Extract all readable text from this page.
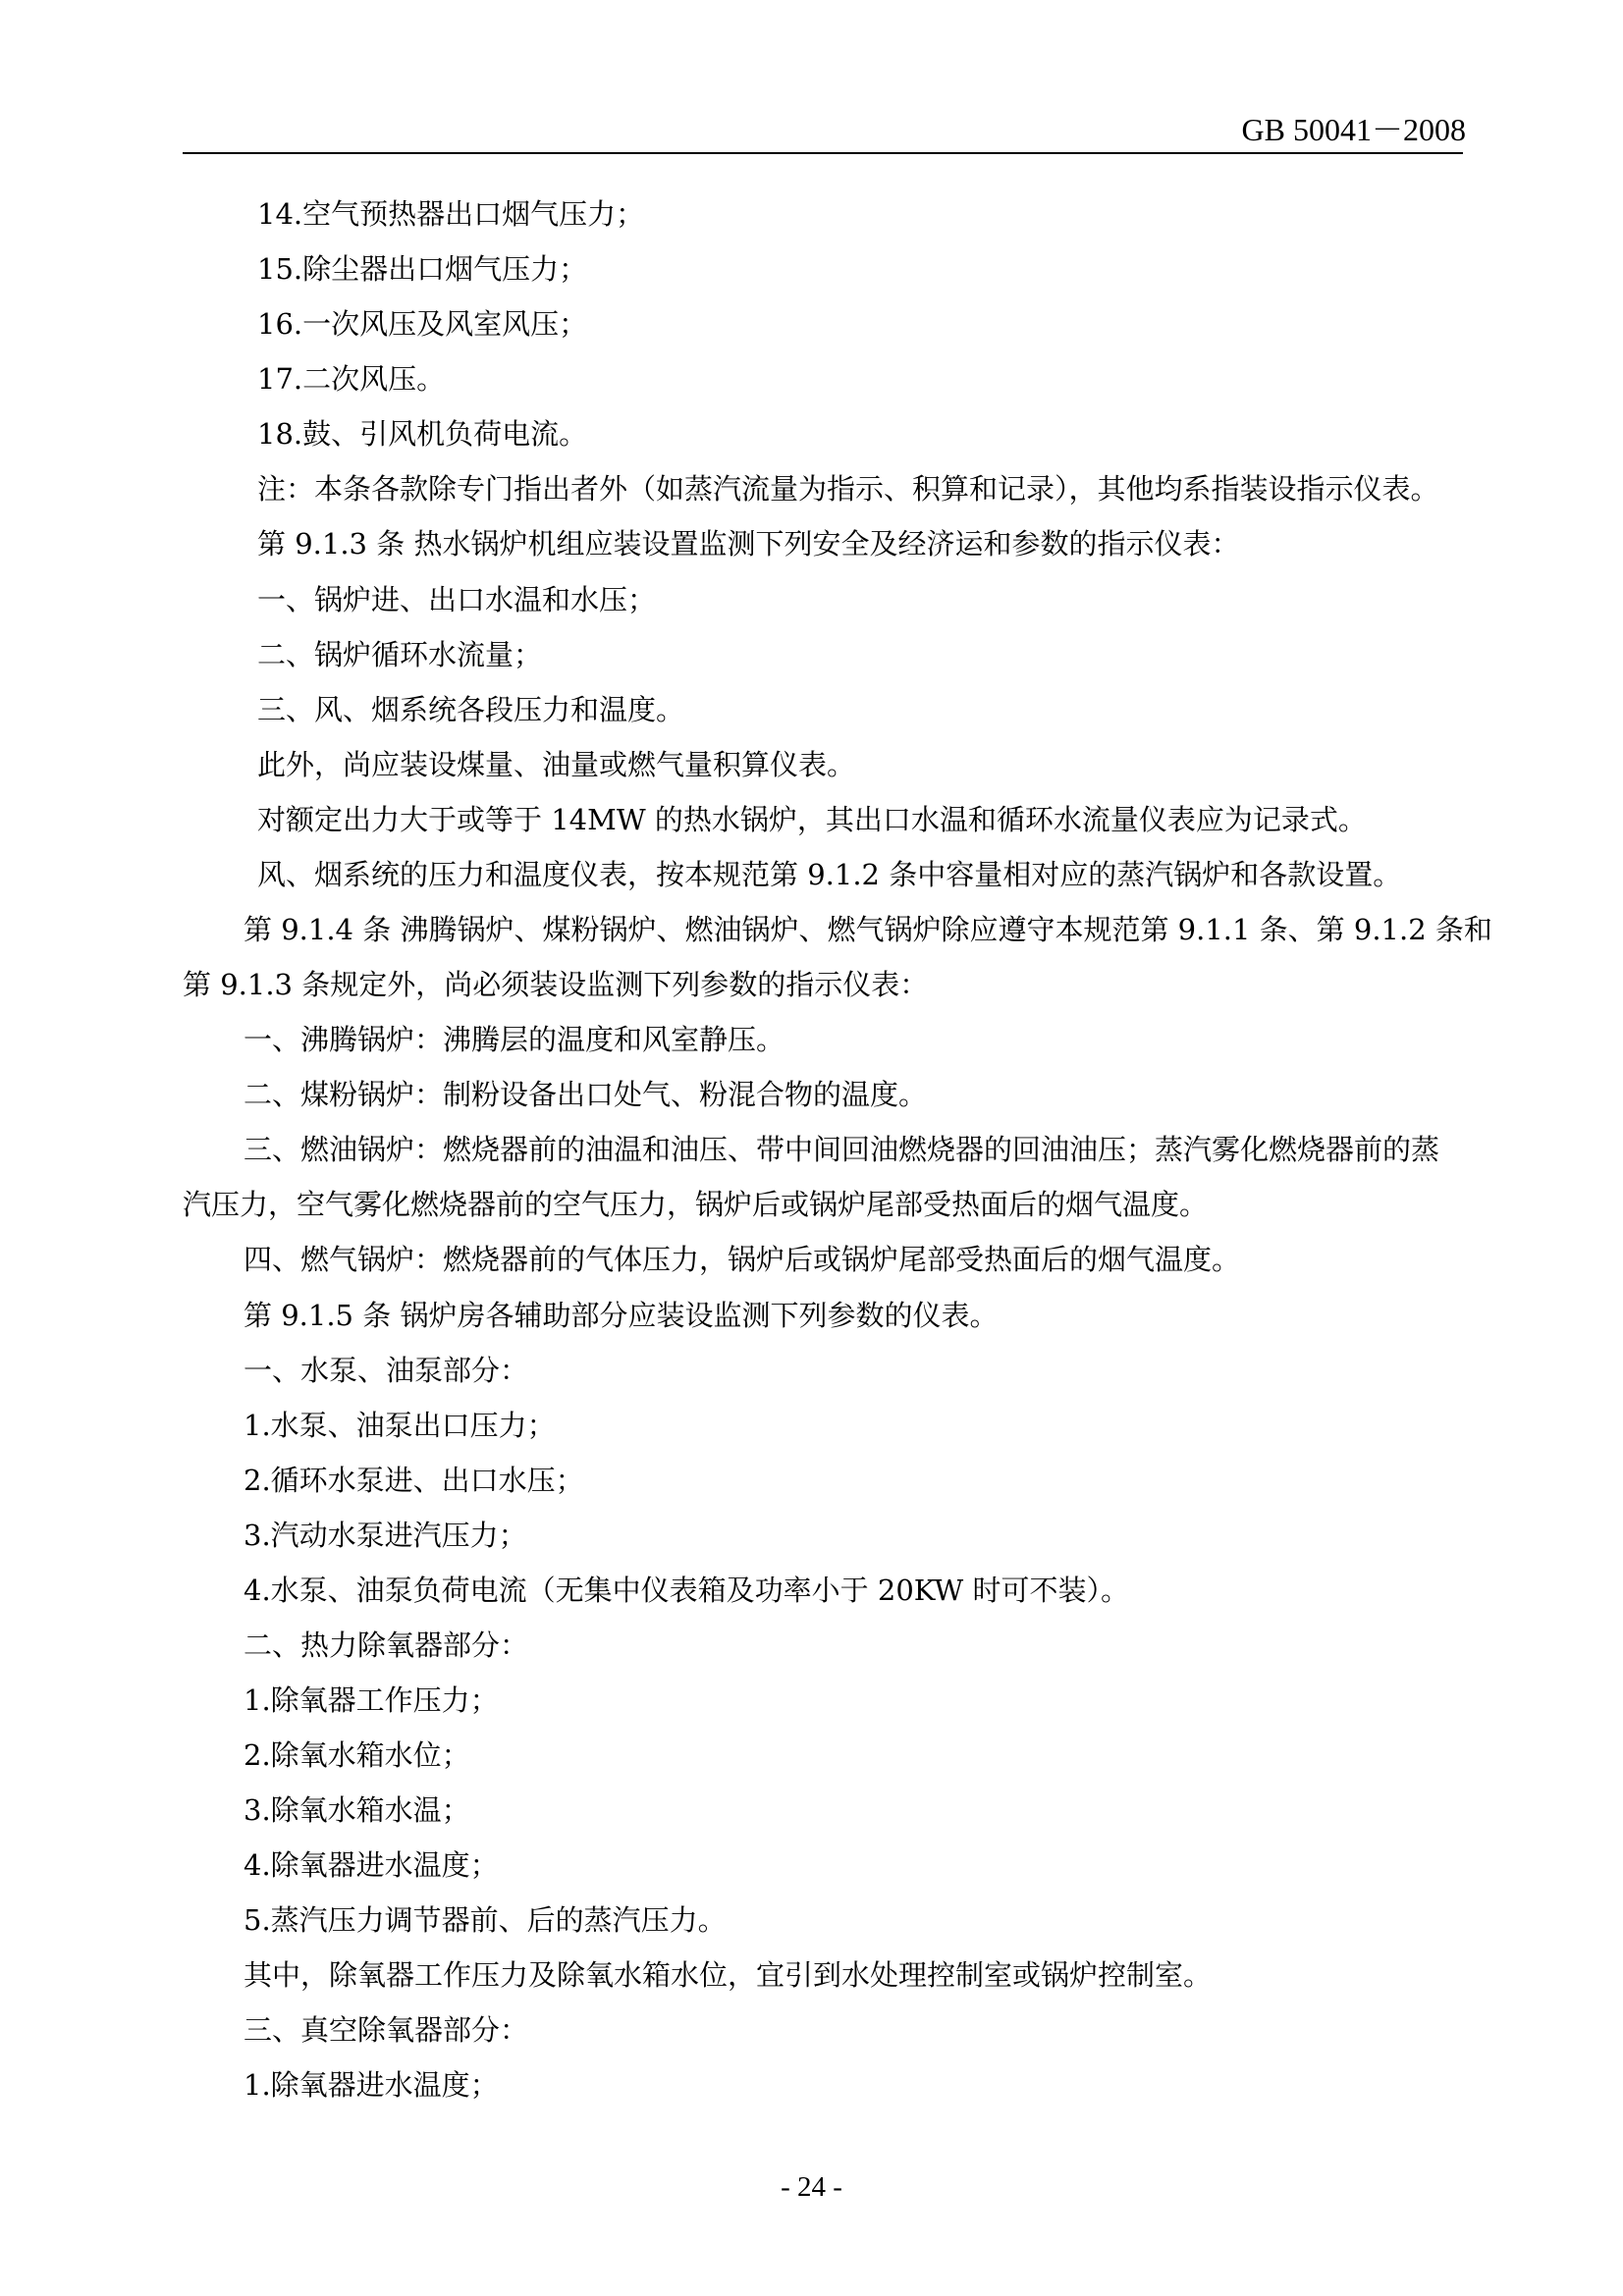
GB 50041－2008
14.空气预热器出口烟气压力；
15.除尘器出口烟气压力；
16.一次风压及风室风压；
17.二次风压。
18.鼓、引风机负荷电流。
注：本条各款除专门指出者外（如蒸汽流量为指示、积算和记录），其他均系指装设指示仪表。
第 9.1.3 条 热水锅炉机组应装设置监测下列安全及经济运和参数的指示仪表：
一、锅炉进、出口水温和水压；
二、锅炉循环水流量；
三、风、烟系统各段压力和温度。
此外，尚应装设煤量、油量或燃气量积算仪表。
对额定出力大于或等于 14MW 的热水锅炉，其出口水温和循环水流量仪表应为记录式。
风、烟系统的压力和温度仪表，按本规范第 9.1.2 条中容量相对应的蒸汽锅炉和各款设置。
第 9.1.4 条 沸腾锅炉、煤粉锅炉、燃油锅炉、燃气锅炉除应遵守本规范第 9.1.1 条、第 9.1.2 条和
第 9.1.3 条规定外，尚必须装设监测下列参数的指示仪表：
一、沸腾锅炉：沸腾层的温度和风室静压。
二、煤粉锅炉：制粉设备出口处气、粉混合物的温度。
三、燃油锅炉：燃烧器前的油温和油压、带中间回油燃烧器的回油油压；蒸汽雾化燃烧器前的蒸
汽压力，空气雾化燃烧器前的空气压力，锅炉后或锅炉尾部受热面后的烟气温度。
四、燃气锅炉：燃烧器前的气体压力，锅炉后或锅炉尾部受热面后的烟气温度。
第 9.1.5 条 锅炉房各辅助部分应装设监测下列参数的仪表。
一、水泵、油泵部分：
1.水泵、油泵出口压力；
2.循环水泵进、出口水压；
3.汽动水泵进汽压力；
4.水泵、油泵负荷电流（无集中仪表箱及功率小于 20KW 时可不装）。
二、热力除氧器部分：
1.除氧器工作压力；
2.除氧水箱水位；
3.除氧水箱水温；
4.除氧器进水温度；
5.蒸汽压力调节器前、后的蒸汽压力。
其中，除氧器工作压力及除氧水箱水位，宜引到水处理控制室或锅炉控制室。
三、真空除氧器部分：
1.除氧器进水温度；
- 24 -
